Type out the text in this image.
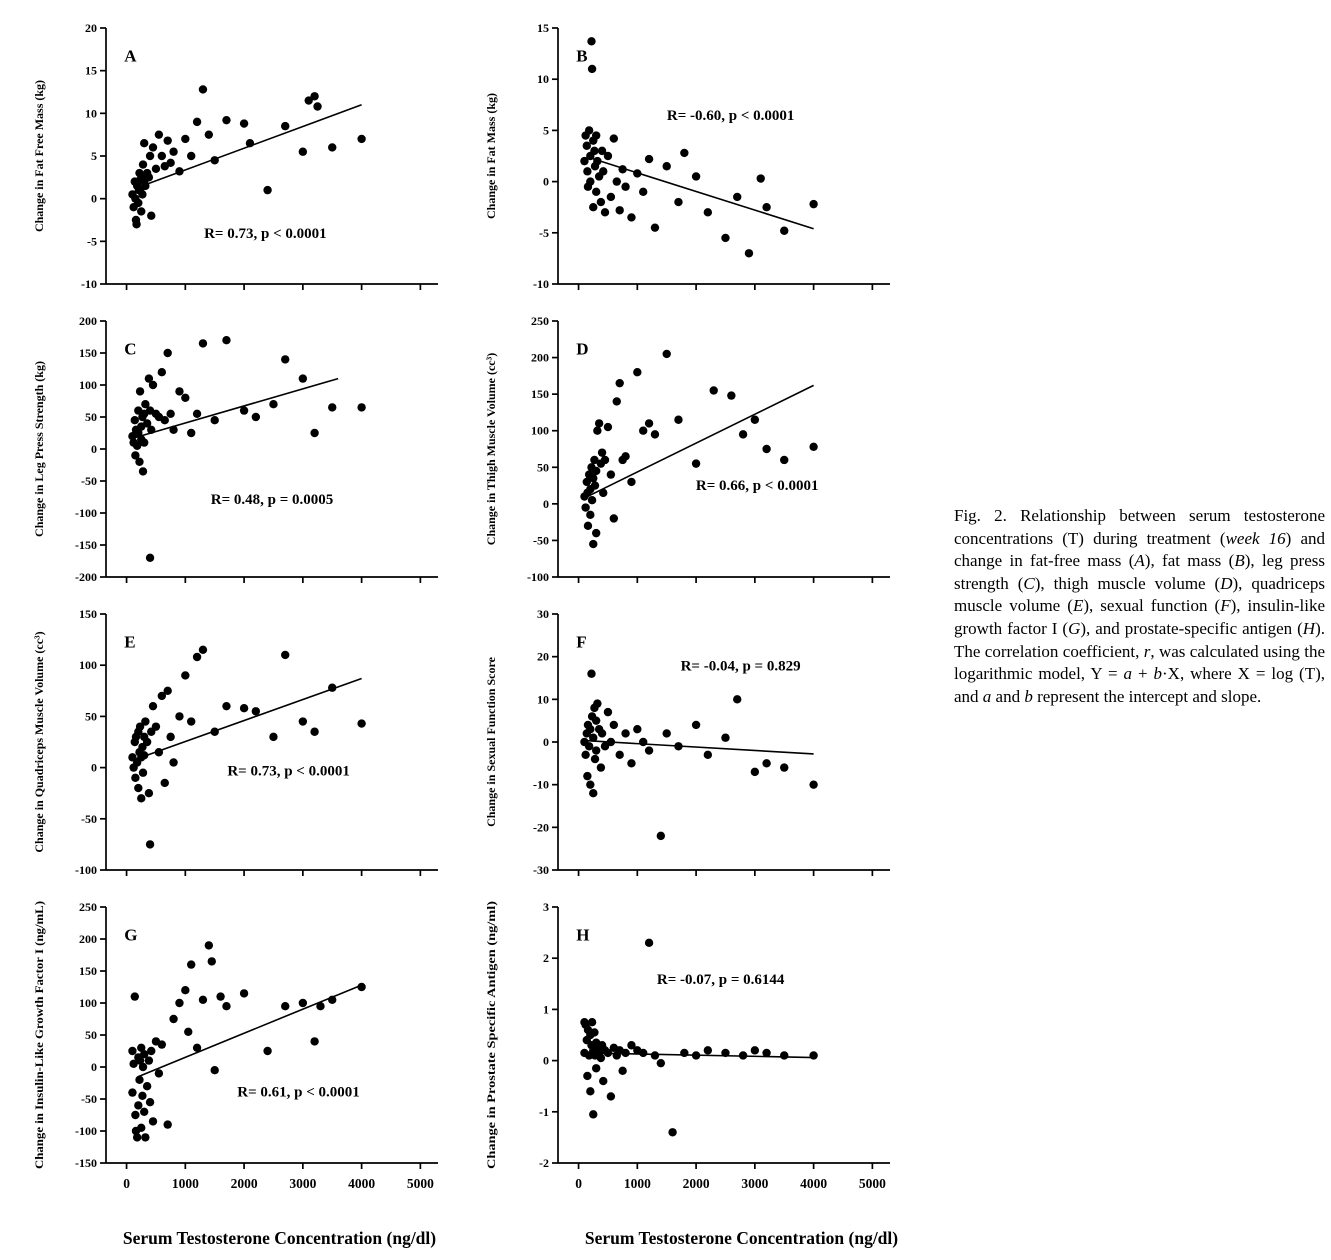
20
15
10
5
0
-5
-10
Change in Fat Free Mass (kg)
A
R= 0.73, p < 0.0001
200
150
100
50
0
-50
-100
-150
-200
Change in Leg Press Strength (kg)
C
R= 0.48, p = 0.0005
150
100
50
0
-50
-100
Change in Quadriceps Muscle Volume (cc³)	E
R= 0.73, p < 0.0001
250
200
150
100
50
0
-50
-100
-150
0	1000 2000 3000 4000 5000
Change in Insulin-Like Growth Factor I (ng/mL)	G
R= 0.61, p < 0.0001
Serum Testosterone Concentration (ng/dl)
15
10
5
0
-5
-10
Change in Fat Mass (kg)
B
R= -0.60, p < 0.0001
250
200
150
100
50
0
-50
-100
Change in Thigh Muscle Volume (cc³)
D
R= 0.66, p < 0.0001
30
20
10
0
-10
-20
-30
Change in Sexual Function Score
F
R= -0.04, p = 0.829
3
2
1
0
-1
-2
0	1000 2000 3000 4000 5000
Change in Prostate Specific Antigen (ng/ml)
H
R= -0.07, p = 0.6144
Serum Testosterone Concentration (ng/dl)

Fig. 2. Relationship between serum testosterone concentrations (T) during treatment (week 16) and change in fat-free mass (A), fat mass (B), leg press strength (C), thigh muscle volume (D), quadriceps muscle volume (E), sexual function (F), insulin-like growth factor I (G), and prostate-specific antigen (H). The correlation coefficient, r, was calculated using the logarithmic model, Y = a + b·X, where X = log (T), and a and b represent the intercept and slope.
